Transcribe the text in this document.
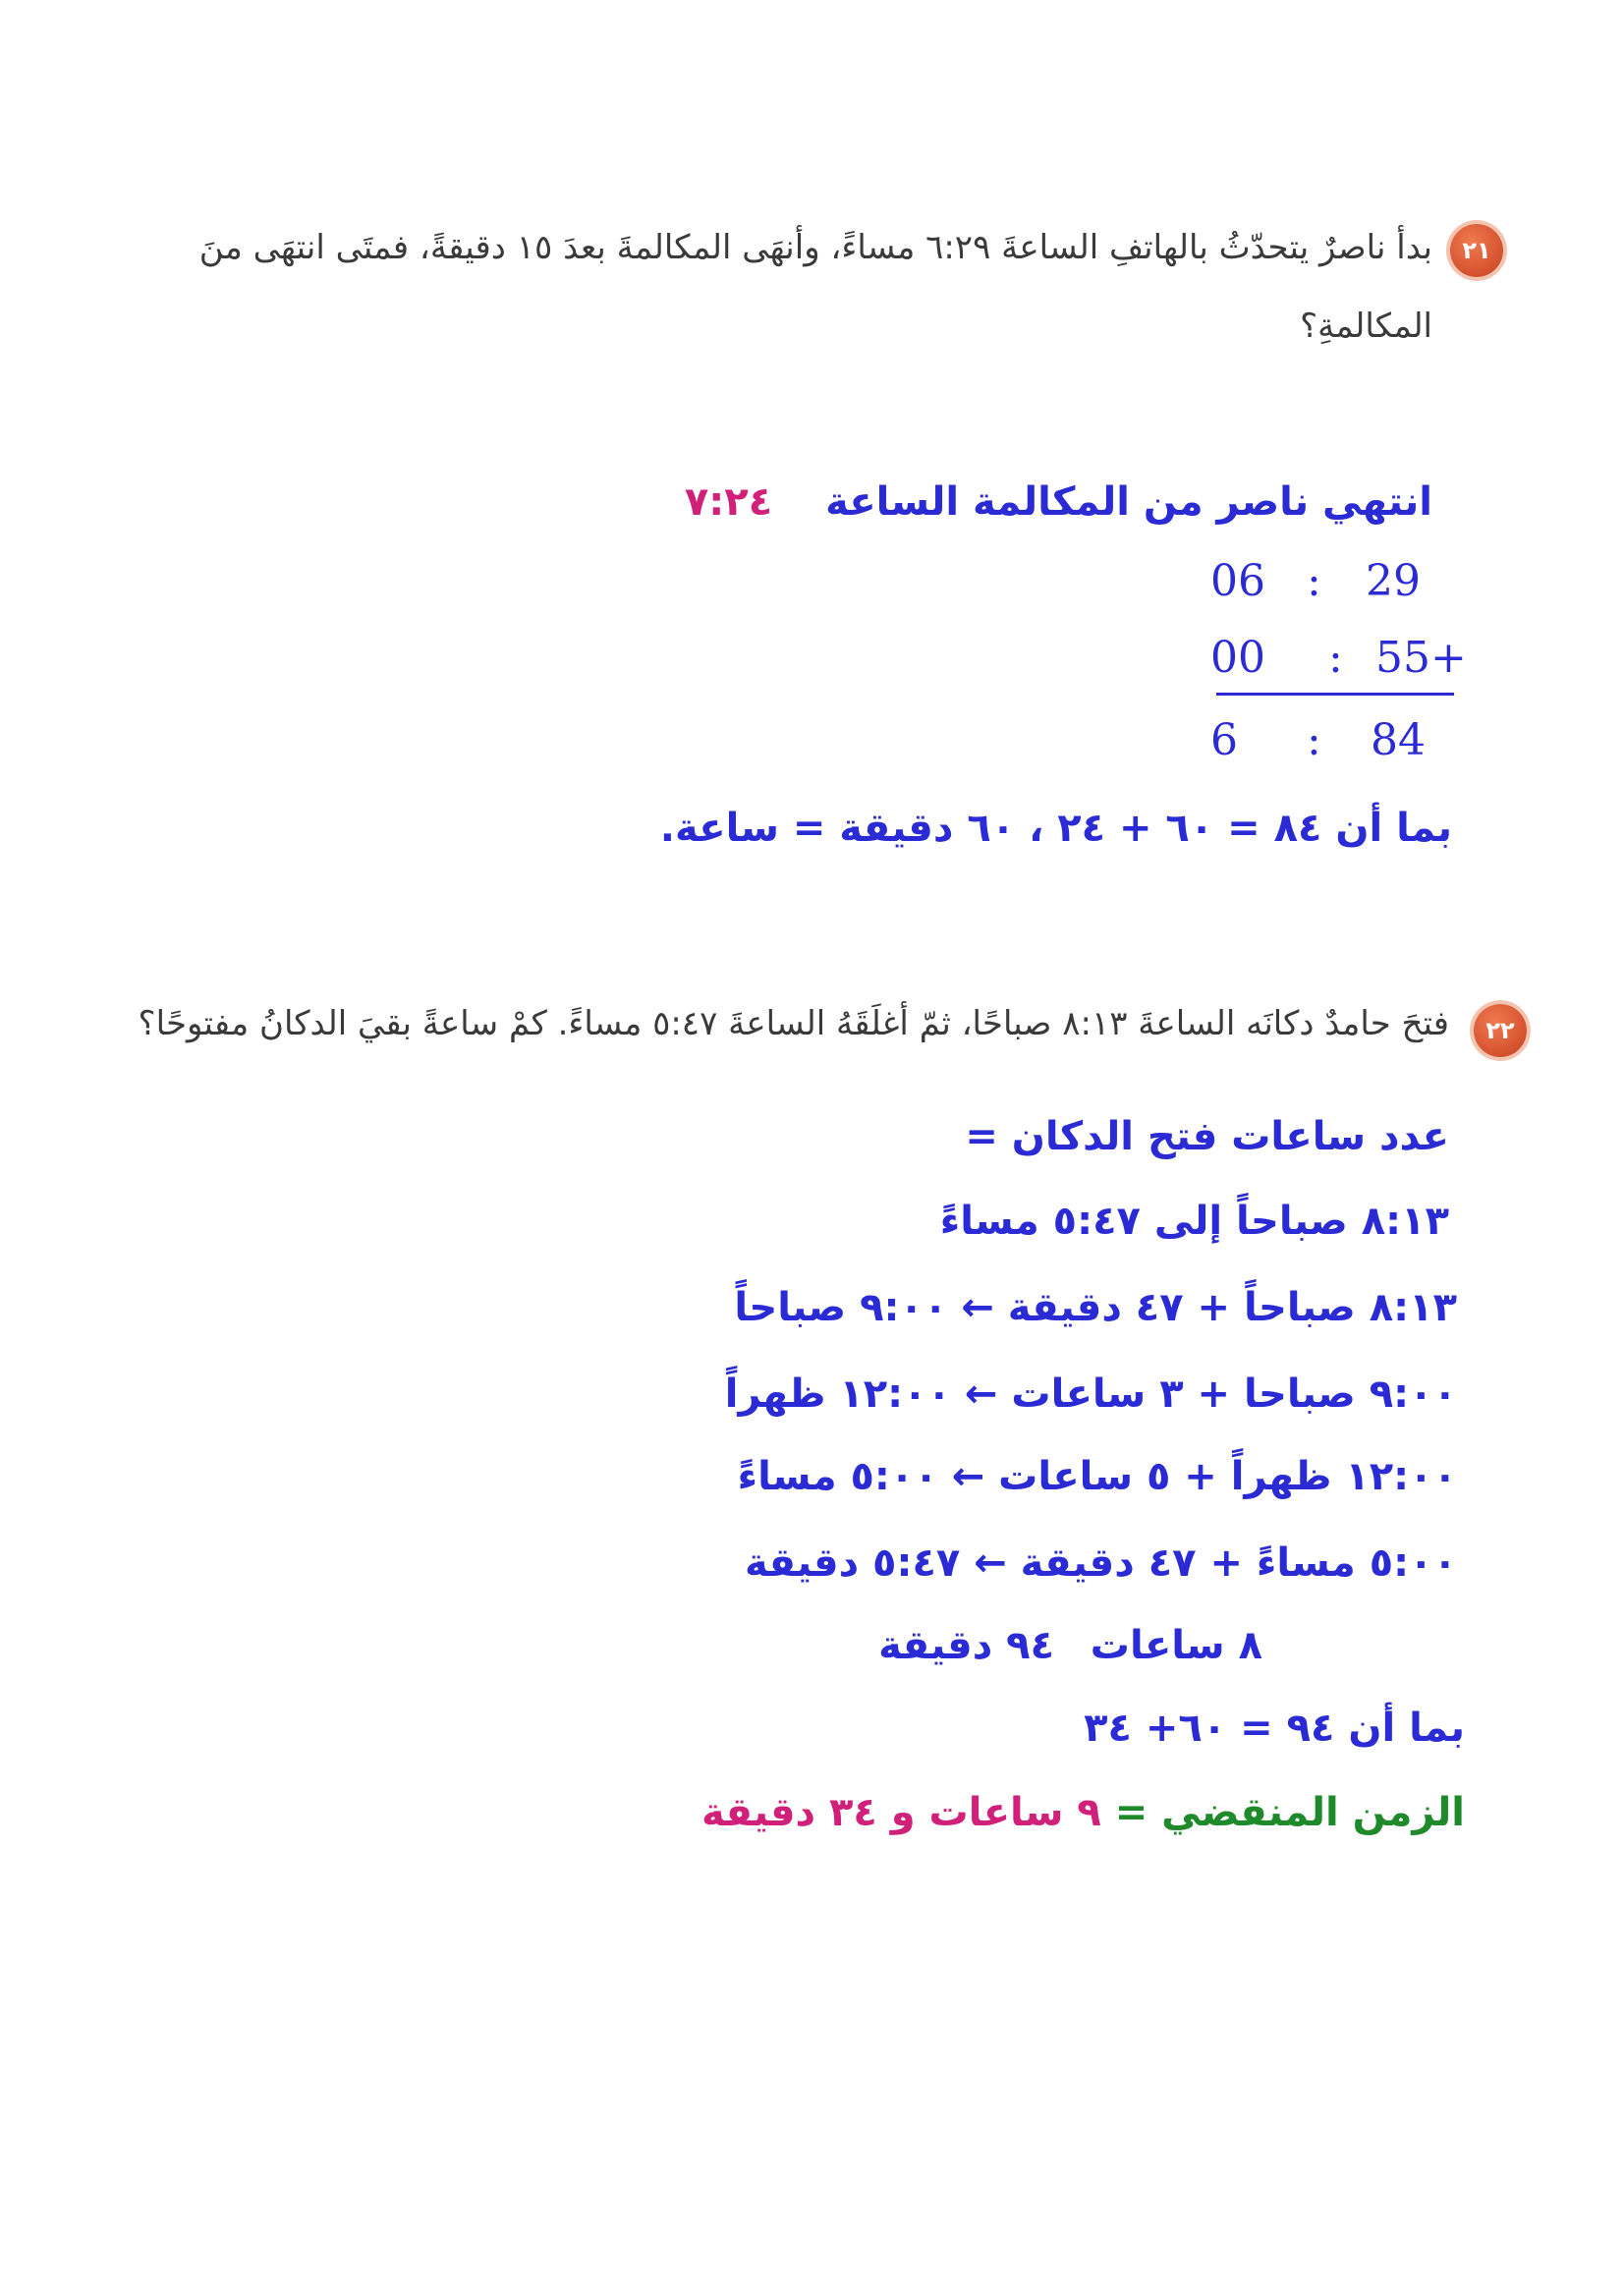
٢١
بدأ ناصرٌ يتحدّثُ بالهاتفِ الساعةَ ٦:٢٩ مساءً، وأنهَى المكالمةَ بعدَ ١٥ دقيقةً، فمتَى انتهَى منَ
المكالمةِ؟
انتهي ناصر من المكالمة الساعة ٧:٢٤
06 : 29
00 : 55+
6 : 84
بما أن ٨٤ = ٦٠ + ٢٤ ، ٦٠ دقيقة = ساعة.
٢٢
فتحَ حامدٌ دكانَه الساعةَ ٨:١٣ صباحًا، ثمّ أغلَقَهُ الساعةَ ٥:٤٧ مساءً. كمْ ساعةً بقيَ الدكانُ مفتوحًا؟
عدد ساعات فتح الدكان =
٨:١٣ صباحاً إلى ٥:٤٧ مساءً
٨:١٣ صباحاً + ٤٧ دقيقة ← ٩:٠٠ صباحاً
٩:٠٠ صباحا + ٣ ساعات ← ١٢:٠٠ ظهراً
١٢:٠٠ ظهراً + ٥ ساعات ← ٥:٠٠ مساءً
٥:٠٠ مساءً + ٤٧ دقيقة ← ٥:٤٧ دقيقة
٨ ساعات
٩٤ دقيقة
بما أن ٩٤ = ٦٠+ ٣٤
الزمن المنقضي = ٩ ساعات و ٣٤ دقيقة
